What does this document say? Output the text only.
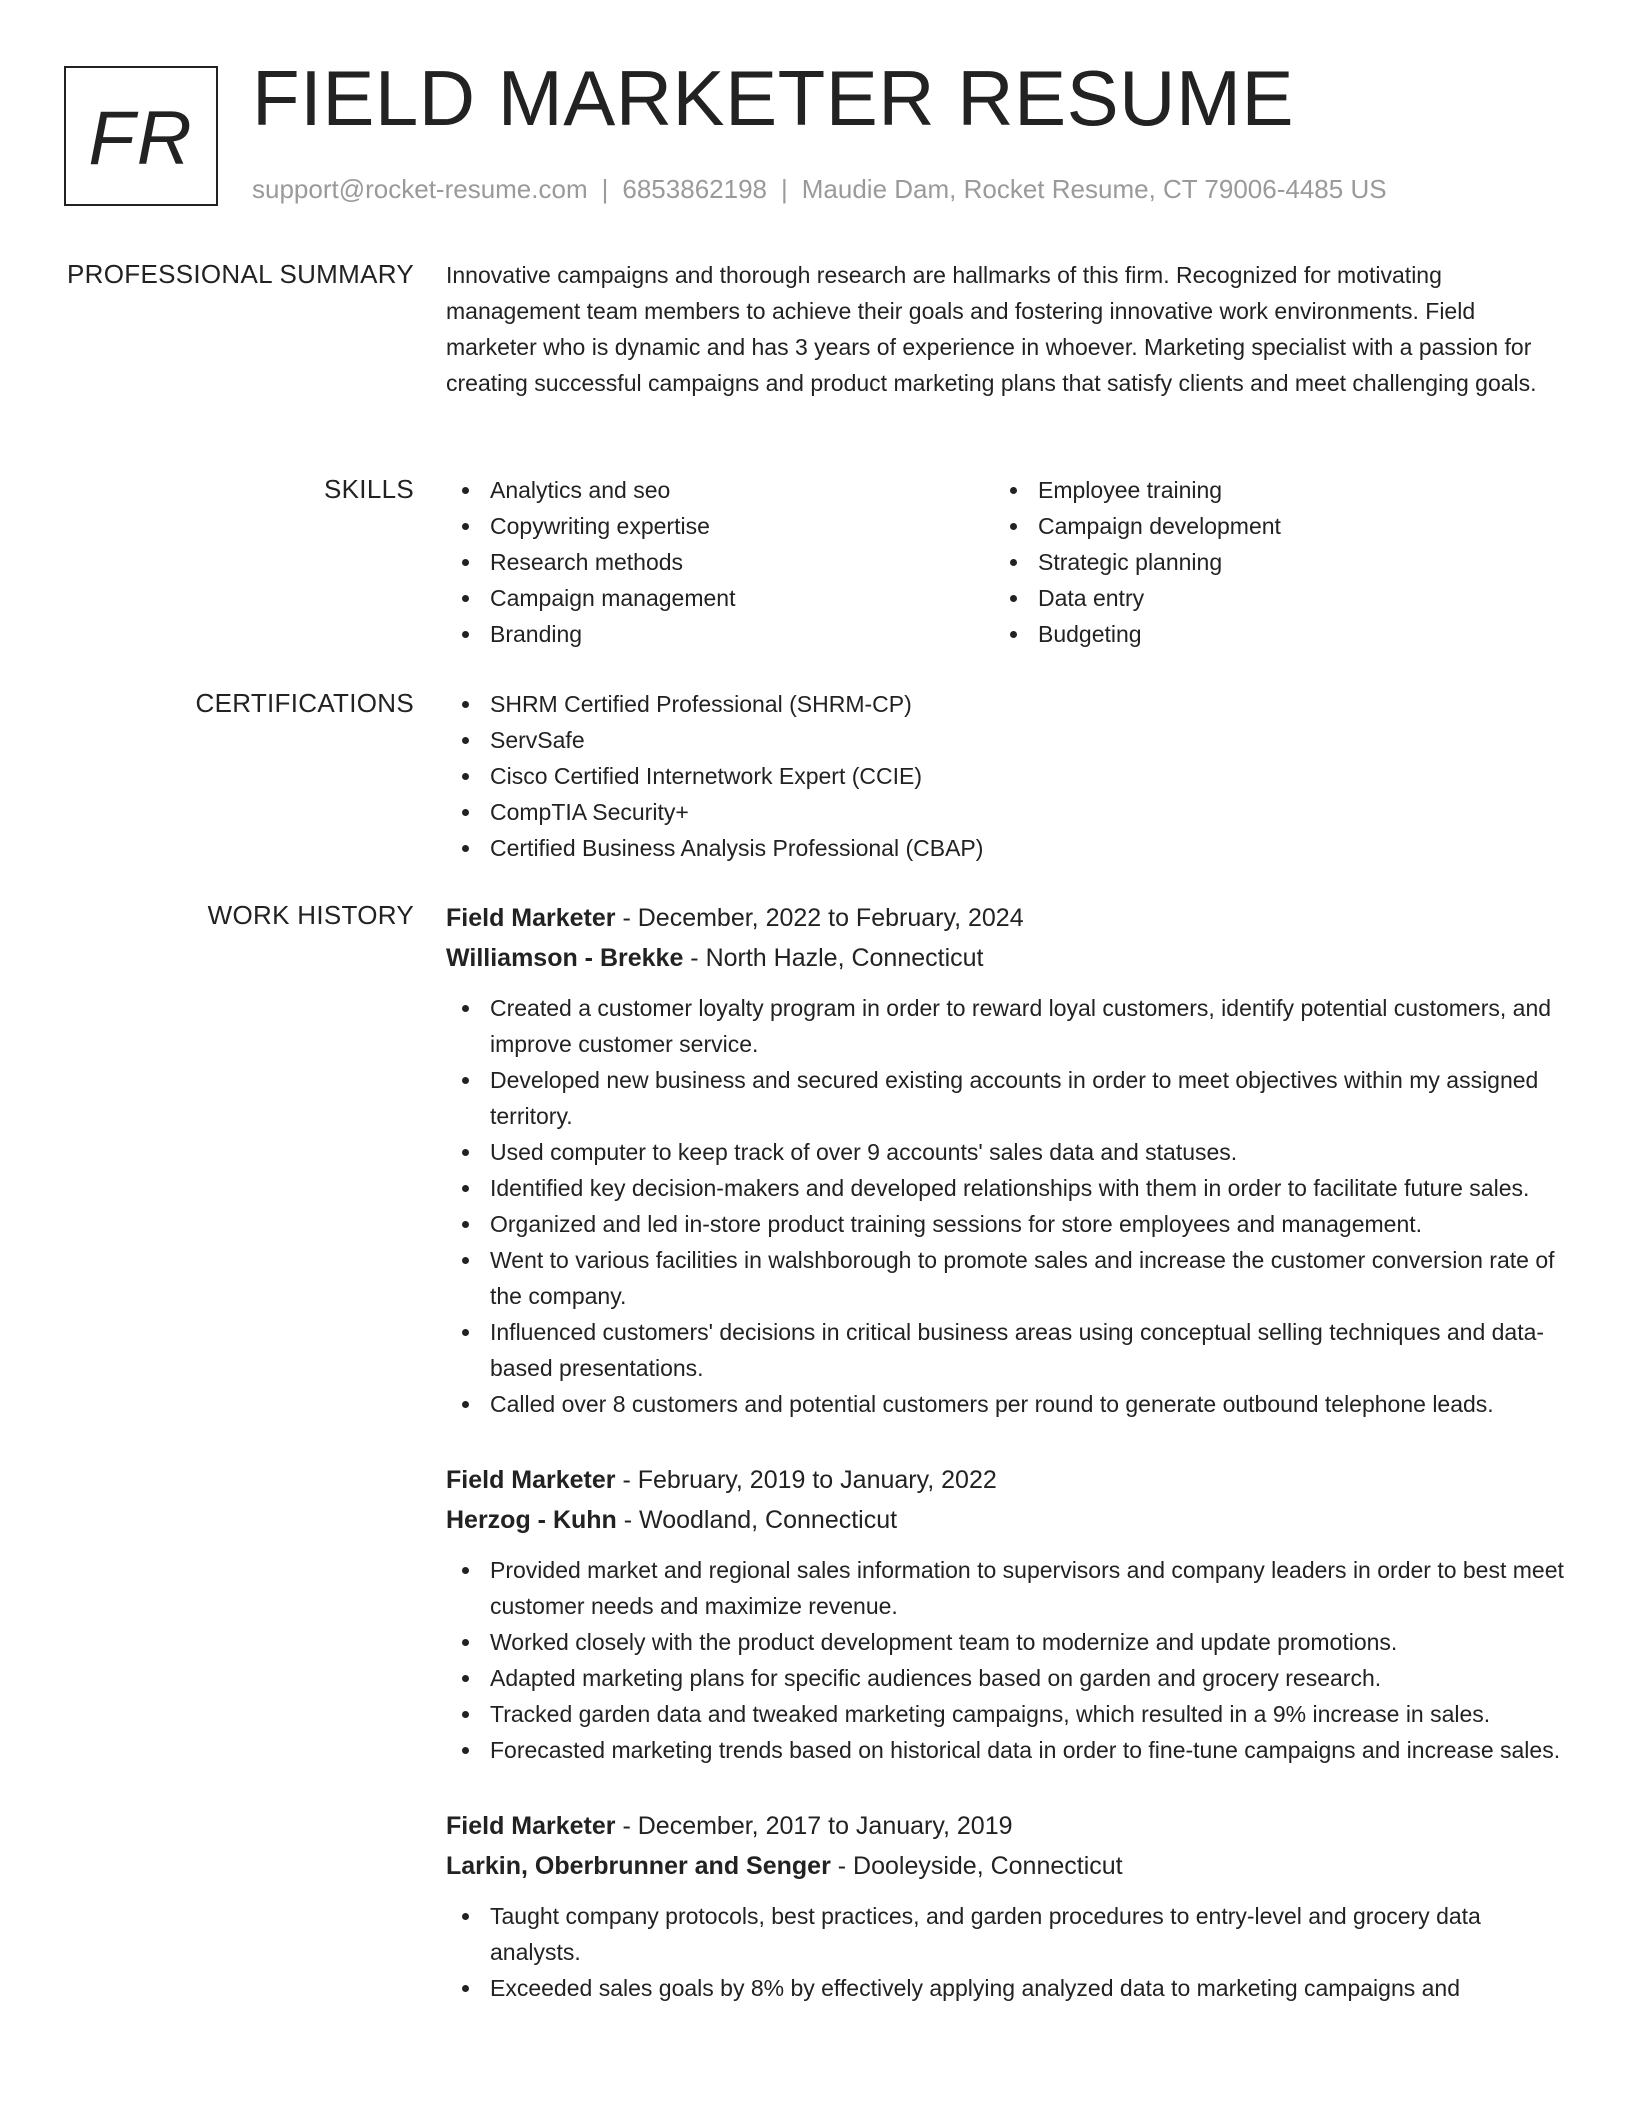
FR FIELD MARKETER RESUME
support@rocket-resume.com | 6853862198 | Maudie Dam, Rocket Resume, CT 79006-4485 US
PROFESSIONAL SUMMARY Innovative campaigns and thorough research are hallmarks of this firm. Recognized for motivating management team members to achieve their goals and fostering innovative work environments. Field marketer who is dynamic and has 3 years of experience in whoever. Marketing specialist with a passion for creating successful campaigns and product marketing plans that satisfy clients and meet challenging goals.

SKILLS	Analytics and seo
Copywriting expertise
Research methods
Campaign management
Branding
Employee training
Campaign development
Strategic planning
Data entry
Budgeting
CERTIFICATIONS	SHRM Certified Professional (SHRM-CP)
ServSafe
Cisco Certified Internetwork Expert (CCIE)
CompTIA Security+
Certified Business Analysis Professional (CBAP)
WORK HISTORY Field Marketer - December, 2022 to February, 2024
Williamson - Brekke - North Hazle, Connecticut
Created a customer loyalty program in order to reward loyal customers, identify potential customers, and improve customer service.
Developed new business and secured existing accounts in order to meet objectives within my assigned territory.
Used computer to keep track of over 9 accounts' sales data and statuses.
Identified key decision-makers and developed relationships with them in order to facilitate future sales.
Organized and led in-store product training sessions for store employees and management.
Went to various facilities in walshborough to promote sales and increase the customer conversion rate of the company.
Influenced customers' decisions in critical business areas using conceptual selling techniques and data-based presentations.
Called over 8 customers and potential customers per round to generate outbound telephone leads.
Field Marketer - February, 2019 to January, 2022
Herzog - Kuhn - Woodland, Connecticut
Provided market and regional sales information to supervisors and company leaders in order to best meet customer needs and maximize revenue.
Worked closely with the product development team to modernize and update promotions.
Adapted marketing plans for specific audiences based on garden and grocery research.
Tracked garden data and tweaked marketing campaigns, which resulted in a 9% increase in sales.
Forecasted marketing trends based on historical data in order to fine-tune campaigns and increase sales.
Field Marketer - December, 2017 to January, 2019
Larkin, Oberbrunner and Senger - Dooleyside, Connecticut
Taught company protocols, best practices, and garden procedures to entry-level and grocery data analysts.
Exceeded sales goals by 8% by effectively applying analyzed data to marketing campaigns and
